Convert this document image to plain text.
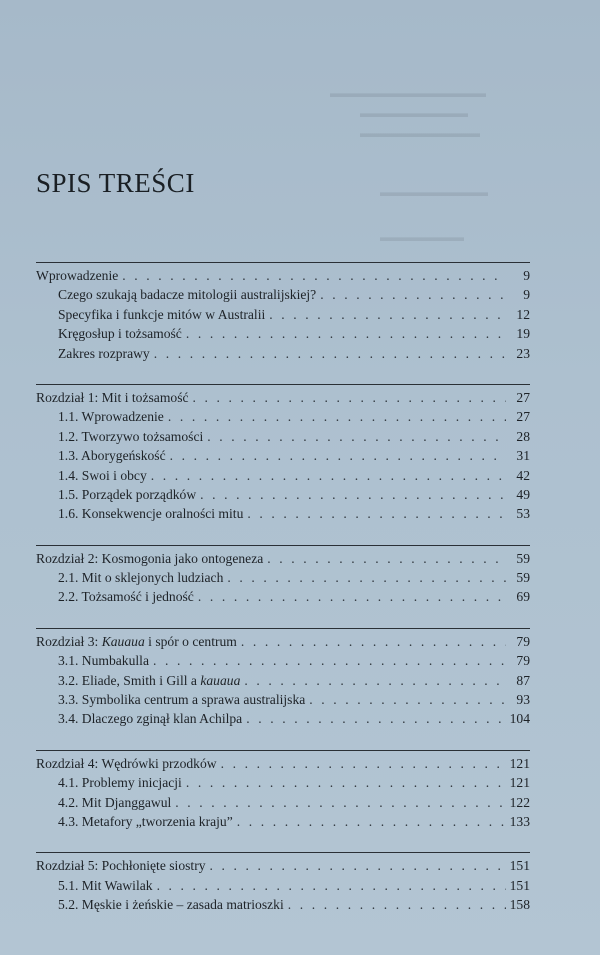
▬▬▬▬▬▬▬▬▬▬▬▬▬
▬▬▬▬▬▬▬▬▬
▬▬▬▬▬▬▬▬▬▬
▬▬▬▬▬▬▬▬▬
▬▬▬▬▬▬▬
SPIS TREŚCI
Wprowadzenie . . .	9
Czego szukają badacze mitologii australijskiej? . . .	9
Specyfika i funkcje mitów w Australii . . .	12
Kręgosłup i tożsamość . . .	19
Zakres rozprawy . . .	23
Rozdział 1: Mit i tożsamość . . .	27
1.1. Wprowadzenie . . .	27
1.2. Tworzywo tożsamości . . .	28
1.3. Aborygeńskość . . .	31
1.4. Swoi i obcy . . .	42
1.5. Porządek porządków . . .	49
1.6. Konsekwencje oralności mitu . . .	53
Rozdział 2: Kosmogonia jako ontogeneza . . .	59
2.1. Mit o sklejonych ludziach . . .	59
2.2. Tożsamość i jedność . . .	69
Rozdział 3: Kauaua i spór o centrum . . .	79
3.1. Numbakulla . . .	79
3.2. Eliade, Smith i Gill a kauaua . . .	87
3.3. Symbolika centrum a sprawa australijska . . .	93
3.4. Dlaczego zginął klan Achilpa . . .	104
Rozdział 4: Wędrówki przodków . . .	121
4.1. Problemy inicjacji . . .	121
4.2. Mit Djanggawul . . .	122
4.3. Metafory „tworzenia kraju” . . .	133
Rozdział 5: Pochłonięte siostry . . .	151
5.1. Mit Wawilak . . .	151
5.2. Męskie i żeńskie – zasada matrioszki . . .	158
